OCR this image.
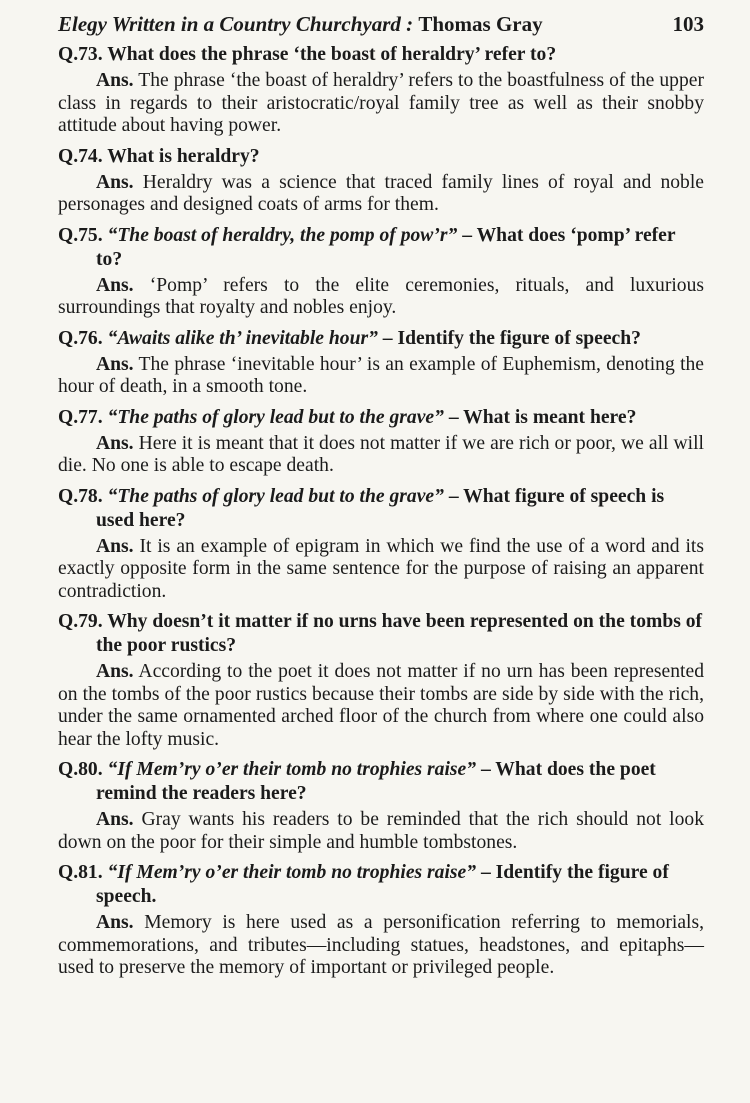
Elegy Written in a Country Churchyard : Thomas Gray	103

Q.73. What does the phrase ‘the boast of heraldry’ refer to?

Ans. The phrase ‘the boast of heraldry’ refers to the boastfulness of the upper class in regards to their aristocratic/royal family tree as well as their snobby attitude about having power.

Q.74. What is heraldry?

Ans. Heraldry was a science that traced family lines of royal and noble personages and designed coats of arms for them.

Q.75. “The boast of heraldry, the pomp of pow’r” – What does ‘pomp’ refer to?

Ans. ‘Pomp’ refers to the elite ceremonies, rituals, and luxurious surroundings that royalty and nobles enjoy.

Q.76. “Awaits alike th’ inevitable hour” – Identify the figure of speech?

Ans. The phrase ‘inevitable hour’ is an example of Euphemism, denoting the hour of death, in a smooth tone.

Q.77. “The paths of glory lead but to the grave” – What is meant here?

Ans. Here it is meant that it does not matter if we are rich or poor, we all will die. No one is able to escape death.

Q.78. “The paths of glory lead but to the grave” – What figure of speech is used here?

Ans. It is an example of epigram in which we find the use of a word and its exactly opposite form in the same sentence for the purpose of raising an apparent contradiction.

Q.79. Why doesn’t it matter if no urns have been represented on the tombs of the poor rustics?

Ans. According to the poet it does not matter if no urn has been represented on the tombs of the poor rustics because their tombs are side by side with the rich, under the same ornamented arched floor of the church from where one could also hear the lofty music.

Q.80. “If Mem’ry o’er their tomb no trophies raise” – What does the poet remind the readers here?

Ans. Gray wants his readers to be reminded that the rich should not look down on the poor for their simple and humble tombstones.

Q.81. “If Mem’ry o’er their tomb no trophies raise” – Identify the figure of speech.

Ans. Memory is here used as a personification referring to memorials, commemorations, and tributes—including statues, headstones, and epitaphs—used to preserve the memory of important or privileged people.
